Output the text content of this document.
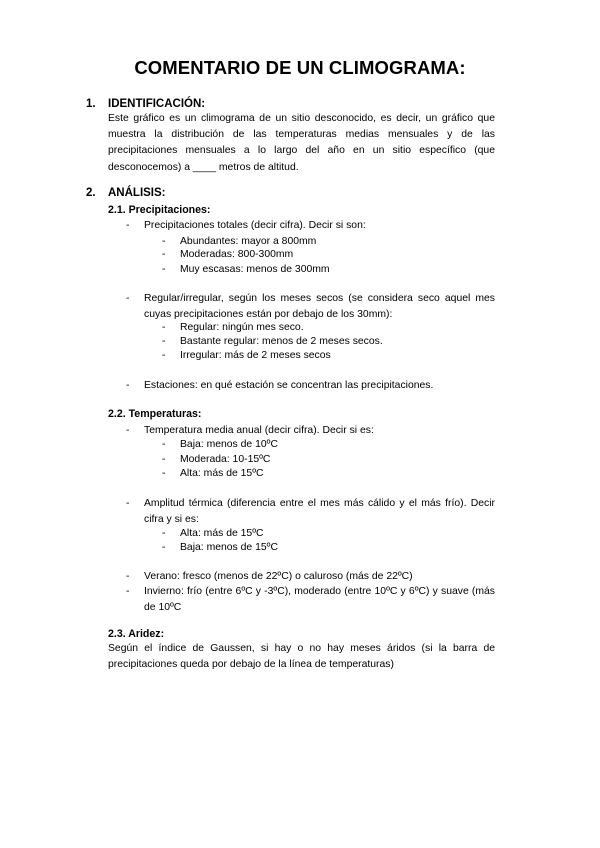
COMENTARIO DE UN CLIMOGRAMA:
1. IDENTIFICACIÓN:
Este gráfico es un climograma de un sitio desconocido, es decir, un gráfico que muestra la distribución de las temperaturas medias mensuales y de las precipitaciones mensuales a lo largo del año en un sitio específico (que desconocemos) a ____ metros de altitud.
2. ANÁLISIS:
2.1. Precipitaciones:
- Precipitaciones totales (decir cifra). Decir si son:
- Abundantes: mayor a 800mm
- Moderadas: 800-300mm
- Muy escasas: menos de 300mm
- Regular/irregular, según los meses secos (se considera seco aquel mes cuyas precipitaciones están por debajo de los 30mm):
- Regular: ningún mes seco.
- Bastante regular: menos de 2 meses secos.
- Irregular: más de 2 meses secos
- Estaciones: en qué estación se concentran las precipitaciones.
2.2. Temperaturas:
- Temperatura media anual (decir cifra). Decir si es:
- Baja: menos de 10ºC
- Moderada: 10-15ºC
- Alta: más de 15ºC
- Amplitud térmica (diferencia entre el mes más cálido y el más frío). Decir cifra y si es:
- Alta: más de 15ºC
- Baja: menos de 15ºC
- Verano: fresco (menos de 22ºC) o caluroso (más de 22ºC)
- Invierno: frío (entre 6ºC y -3ºC), moderado (entre 10ºC y 6ºC) y suave (más de 10ºC
2.3. Aridez:
Según el índice de Gaussen, si hay o no hay meses áridos (si la barra de precipitaciones queda por debajo de la línea de temperaturas)
